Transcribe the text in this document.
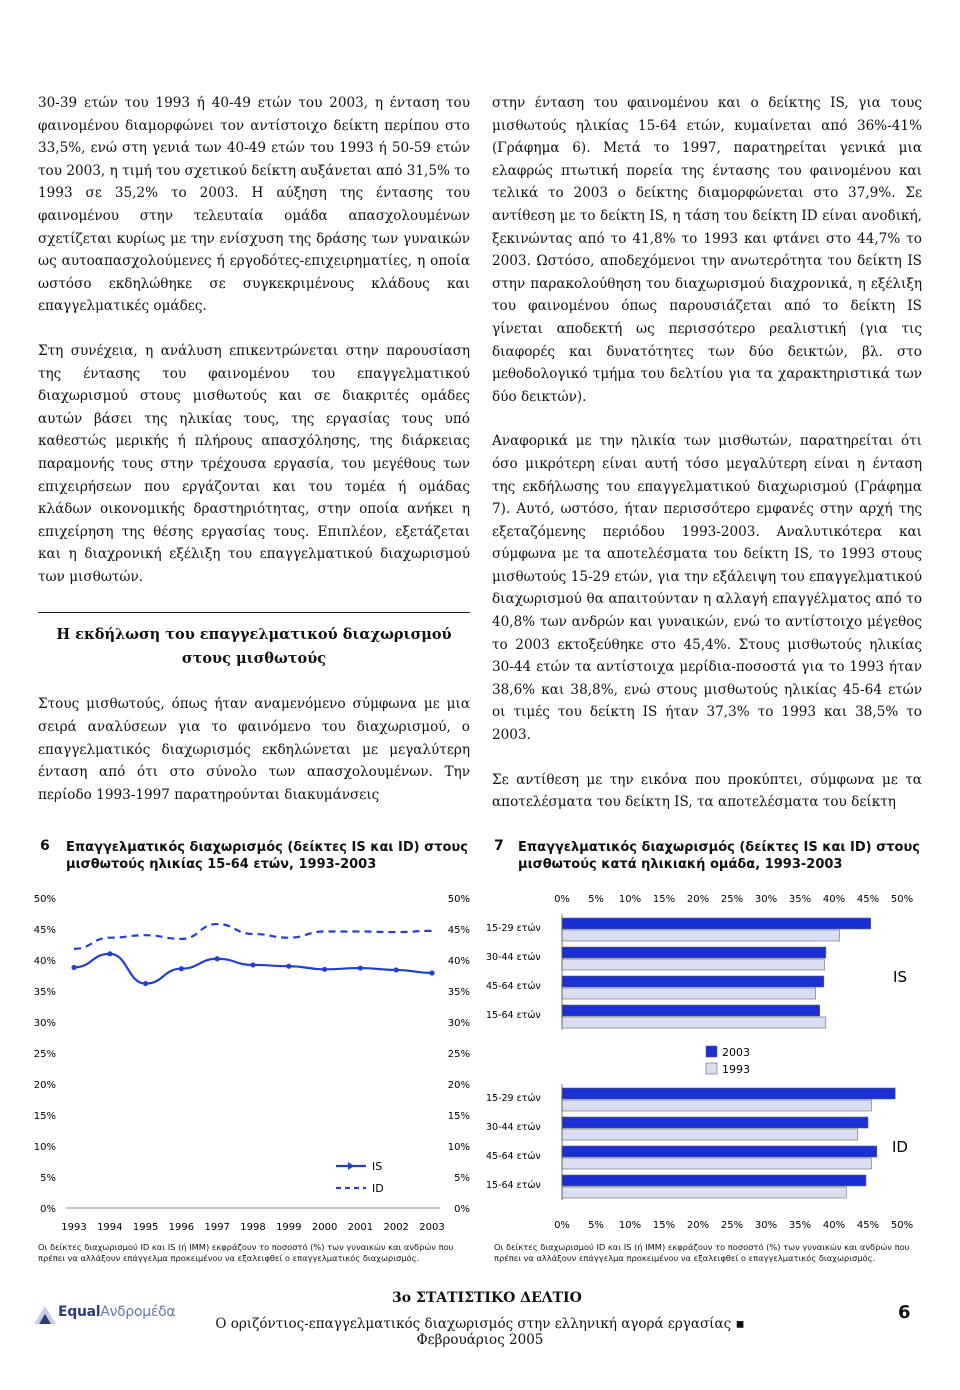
30-39 ετών του 1993 ή 40-49 ετών του 2003, η ένταση του φαινομένου διαμορφώνει τον αντίστοιχο δείκτη περίπου στο 33,5%, ενώ στη γενιά των 40-49 ετών του 1993 ή 50-59 ετών του 2003, η τιμή του σχετικού δείκτη αυξάνεται από 31,5% το 1993 σε 35,2% το 2003. Η αύξηση της έντασης του φαινομένου στην τελευταία ομάδα απασχολουμένων σχετίζεται κυρίως με την ενίσχυση της δράσης των γυναικών ως αυτοαπασχολούμενες ή εργοδότες-επιχειρηματίες, η οποία ωστόσο εκδηλώθηκε σε συγκεκριμένους κλάδους και επαγγελματικές ομάδες.

Στη συνέχεια, η ανάλυση επικεντρώνεται στην παρουσίαση της έντασης του φαινομένου του επαγγελματικού διαχωρισμού στους μισθωτούς και σε διακριτές ομάδες αυτών βάσει της ηλικίας τους, της εργασίας τους υπό καθεστώς μερικής ή πλήρους απασχόλησης, της διάρκειας παραμονής τους στην τρέχουσα εργασία, του μεγέθους των επιχειρήσεων που εργάζονται και του τομέα ή ομάδας κλάδων οικονομικής δραστηριότητας, στην οποία ανήκει η επιχείρηση της θέσης εργασίας τους. Επιπλέον, εξετάζεται και η διαχρονική εξέλιξη του επαγγελματικού διαχωρισμού των μισθωτών.

Η εκδήλωση του επαγγελματικού διαχωρισμού
στους μισθωτούς

Στους μισθωτούς, όπως ήταν αναμενόμενο σύμφωνα με μια σειρά αναλύσεων για το φαινόμενο του διαχωρισμού, ο επαγγελματικός διαχωρισμός εκδηλώνεται με μεγαλύτερη ένταση από ότι στο σύνολο των απασχολουμένων. Την περίοδο 1993-1997 παρατηρούνται διακυμάνσεις

στην ένταση του φαινομένου και ο δείκτης IS, για τους μισθωτούς ηλικίας 15-64 ετών, κυμαίνεται από 36%-41% (Γράφημα 6). Μετά το 1997, παρατηρείται γενικά μια ελαφρώς πτωτική πορεία της έντασης του φαινομένου και τελικά το 2003 ο δείκτης διαμορφώνεται στο 37,9%. Σε αντίθεση με το δείκτη IS, η τάση του δείκτη ID είναι ανοδική, ξεκινώντας από το 41,8% το 1993 και φτάνει στο 44,7% το 2003. Ωστόσο, αποδεχόμενοι την ανωτερότητα του δείκτη IS στην παρακολούθηση του διαχωρισμού διαχρονικά, η εξέλιξη του φαινομένου όπως παρουσιάζεται από το δείκτη IS γίνεται αποδεκτή ως περισσότερο ρεαλιστική (για τις διαφορές και δυνατότητες των δύο δεικτών, βλ. στο μεθοδολογικό τμήμα του δελτίου για τα χαρακτηριστικά των δύο δεικτών).

Αναφορικά με την ηλικία των μισθωτών, παρατηρείται ότι όσο μικρότερη είναι αυτή τόσο μεγαλύτερη είναι η ένταση της εκδήλωσης του επαγγελματικού διαχωρισμού (Γράφημα 7). Αυτό, ωστόσο, ήταν περισσότερο εμφανές στην αρχή της εξεταζόμενης περιόδου 1993-2003. Αναλυτικότερα και σύμφωνα με τα αποτελέσματα του δείκτη IS, το 1993 στους μισθωτούς 15-29 ετών, για την εξάλειψη του επαγγελματικού διαχωρισμού θα απαιτούνταν η αλλαγή επαγγέλματος από το 40,8% των ανδρών και γυναικών, ενώ το αντίστοιχο μέγεθος το 2003 εκτοξεύθηκε στο 45,4%. Στους μισθωτούς ηλικίας 30-44 ετών τα αντίστοιχα μερίδια-ποσοστά για το 1993 ήταν 38,6% και 38,8%, ενώ στους μισθωτούς ηλικίας 45-64 ετών οι τιμές του δείκτη IS ήταν 37,3% το 1993 και 38,5% το 2003.

Σε αντίθεση με την εικόνα που προκύπτει, σύμφωνα με τα αποτελέσματα του δείκτη IS, τα αποτελέσματα του δείκτη

6 Επαγγελματικός διαχωρισμός (δείκτες IS και ID) στους
μισθωτούς ηλικίας 15-64 ετών, 1993-2003
0%	0%
5%	5%
10%	10%
15%	15%
20%	20%
25%	25%
30%	30%
35%	35%
40%	40%
45%	45%
50%	50%
1993 1994 1995 1996 1997 1998 1999 2000 2001 2002 2003
IS
ID
Οι δείκτες διαχωρισμού ID και IS (ή IMM) εκφράζουν το ποσοστό (%) των γυναικών και ανδρών που πρέπει να αλλάξουν επάγγελμα προκειμένου να εξαλειφθεί ο επαγγελματικός διαχωρισμός.
7 Επαγγελματικός διαχωρισμός (δείκτες IS και ID) στους
μισθωτούς κατά ηλικιακή ομάδα, 1993-2003
0%
0%
5%
5%
10%
10%
15%
15%
20%
20%
25%
25%
30%
30%
35%
35%
40%
40%
45%
45%
50%
50%
15-29 ετών
30-44 ετών
45-64 ετών
15-64 ετών
IS
15-29 ετών
30-44 ετών
45-64 ετών
15-64 ετών
ID
2003
1993
Οι δείκτες διαχωρισμού ID και IS (ή IMM) εκφράζουν το ποσοστό (%) των γυναικών και ανδρών που πρέπει να αλλάξουν επάγγελμα προκειμένου να εξαλειφθεί ο επαγγελματικός διαχωρισμός.
EqualΑνδρομέδα
3ο ΣΤΑΤΙΣΤΙΚΟ ΔΕΛΤΙΟ
Ο οριζόντιος-επαγγελματικός διαχωρισμός στην ελληνική αγορά εργασίας ▪ Φεβρουάριος 2005
6
